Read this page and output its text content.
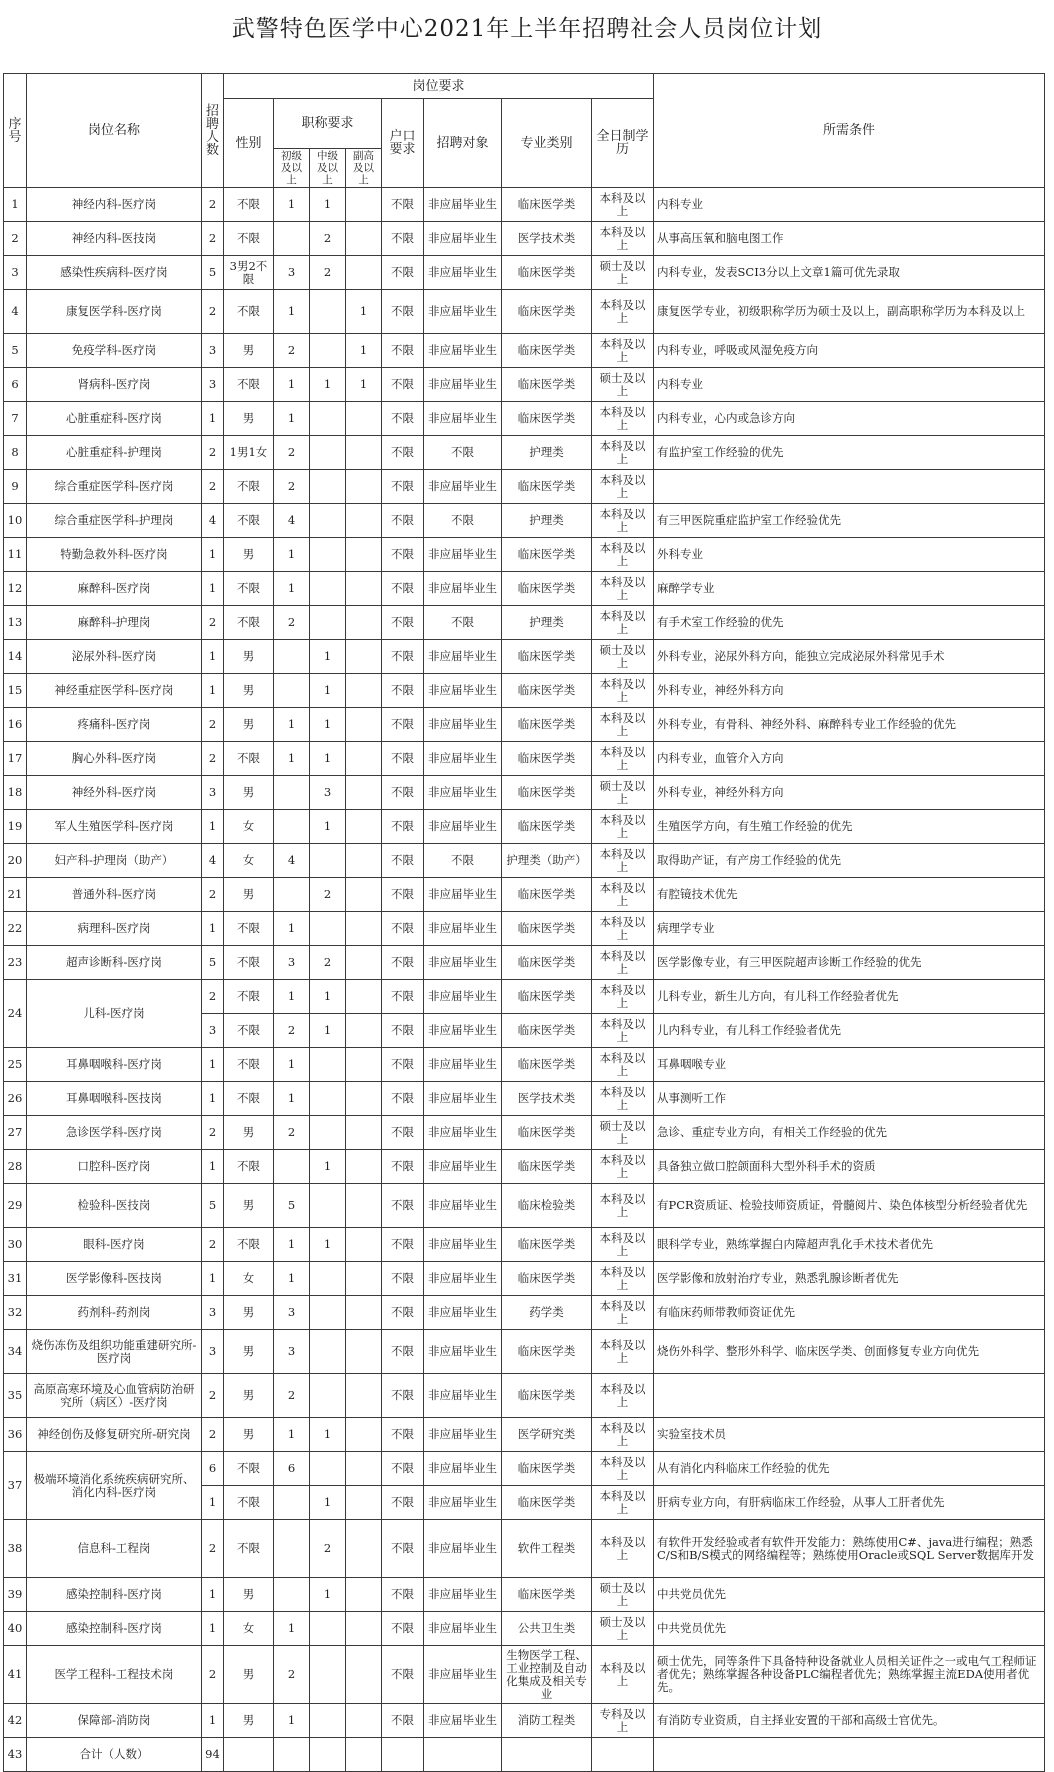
武警特色医学中心2021年上半年招聘社会人员岗位计划
序号	岗位名称	招聘人数	岗位要求								所需条件
			性别	职称要求			户口要求	招聘对象	专业类别	全日制学历	
				初级及以上	中级及以上	副高及以上					
1	神经内科-医疗岗	2	不限	1	1		不限	非应届毕业生	临床医学类	本科及以上	内科专业
2	神经内科-医技岗	2	不限		2		不限	非应届毕业生	医学技术类	本科及以上	从事高压氧和脑电图工作
3	感染性疾病科-医疗岗	5	3男2不限	3	2		不限	非应届毕业生	临床医学类	硕士及以上	内科专业，发表SCI3分以上文章1篇可优先录取
4	康复医学科-医疗岗	2	不限	1		1	不限	非应届毕业生	临床医学类	本科及以上	康复医学专业，初级职称学历为硕士及以上，副高职称学历为本科及以上
5	免疫学科-医疗岗	3	男	2		1	不限	非应届毕业生	临床医学类	本科及以上	内科专业，呼吸或风湿免疫方向
6	肾病科-医疗岗	3	不限	1	1	1	不限	非应届毕业生	临床医学类	硕士及以上	内科专业
7	心脏重症科-医疗岗	1	男	1			不限	非应届毕业生	临床医学类	本科及以上	内科专业，心内或急诊方向
8	心脏重症科-护理岗	2	1男1女	2			不限	不限	护理类	本科及以上	有监护室工作经验的优先
9	综合重症医学科-医疗岗	2	不限	2			不限	非应届毕业生	临床医学类	本科及以上	
10	综合重症医学科-护理岗	4	不限	4			不限	不限	护理类	本科及以上	有三甲医院重症监护室工作经验优先
11	特勤急救外科-医疗岗	1	男	1			不限	非应届毕业生	临床医学类	本科及以上	外科专业
12	麻醉科-医疗岗	1	不限	1			不限	非应届毕业生	临床医学类	本科及以上	麻醉学专业
13	麻醉科-护理岗	2	不限	2			不限	不限	护理类	本科及以上	有手术室工作经验的优先
14	泌尿外科-医疗岗	1	男		1		不限	非应届毕业生	临床医学类	硕士及以上	外科专业，泌尿外科方向，能独立完成泌尿外科常见手术
15	神经重症医学科-医疗岗	1	男		1		不限	非应届毕业生	临床医学类	本科及以上	外科专业，神经外科方向
16	疼痛科-医疗岗	2	男	1	1		不限	非应届毕业生	临床医学类	本科及以上	外科专业，有骨科、神经外科、麻醉科专业工作经验的优先
17	胸心外科-医疗岗	2	不限	1	1		不限	非应届毕业生	临床医学类	本科及以上	内科专业，血管介入方向
18	神经外科-医疗岗	3	男		3		不限	非应届毕业生	临床医学类	硕士及以上	外科专业，神经外科方向
19	军人生殖医学科-医疗岗	1	女		1		不限	非应届毕业生	临床医学类	本科及以上	生殖医学方向，有生殖工作经验的优先
20	妇产科-护理岗（助产）	4	女	4			不限	不限	护理类（助产）	本科及以上	取得助产证，有产房工作经验的优先
21	普通外科-医疗岗	2	男		2		不限	非应届毕业生	临床医学类	本科及以上	有腔镜技术优先
22	病理科-医疗岗	1	不限	1			不限	非应届毕业生	临床医学类	本科及以上	病理学专业
23	超声诊断科-医疗岗	5	不限	3	2		不限	非应届毕业生	临床医学类	本科及以上	医学影像专业，有三甲医院超声诊断工作经验的优先
24	儿科-医疗岗	2	不限	1	1		不限	非应届毕业生	临床医学类	本科及以上	儿科专业，新生儿方向，有儿科工作经验者优先
		3	不限	2	1		不限	非应届毕业生	临床医学类	本科及以上	儿内科专业，有儿科工作经验者优先
25	耳鼻咽喉科-医疗岗	1	不限	1			不限	非应届毕业生	临床医学类	本科及以上	耳鼻咽喉专业
26	耳鼻咽喉科-医技岗	1	不限	1			不限	非应届毕业生	医学技术类	本科及以上	从事测听工作
27	急诊医学科-医疗岗	2	男	2			不限	非应届毕业生	临床医学类	硕士及以上	急诊、重症专业方向，有相关工作经验的优先
28	口腔科-医疗岗	1	不限		1		不限	非应届毕业生	临床医学类	本科及以上	具备独立做口腔颌面科大型外科手术的资质
29	检验科-医技岗	5	男	5			不限	非应届毕业生	临床检验类	本科及以上	有PCR资质证、检验技师资质证，骨髓阅片、染色体核型分析经验者优先
30	眼科-医疗岗	2	不限	1	1		不限	非应届毕业生	临床医学类	本科及以上	眼科学专业，熟练掌握白内障超声乳化手术技术者优先
31	医学影像科-医技岗	1	女	1			不限	非应届毕业生	临床医学类	本科及以上	医学影像和放射治疗专业，熟悉乳腺诊断者优先
32	药剂科-药剂岗	3	男	3			不限	非应届毕业生	药学类	本科及以上	有临床药师带教师资证优先
34	烧伤冻伤及组织功能重建研究所-医疗岗	3	男	3			不限	非应届毕业生	临床医学类	本科及以上	烧伤外科学、整形外科学、临床医学类、创面修复专业方向优先
35	高原高寒环境及心血管病防治研究所（病区）-医疗岗	2	男	2			不限	非应届毕业生	临床医学类	本科及以上	
36	神经创伤及修复研究所-研究岗	2	男	1	1		不限	非应届毕业生	医学研究类	本科及以上	实验室技术员
37	极端环境消化系统疾病研究所、消化内科-医疗岗	6	不限	6			不限	非应届毕业生	临床医学类	本科及以上	从有消化内科临床工作经验的优先
		1	不限		1		不限	非应届毕业生	临床医学类	本科及以上	肝病专业方向，有肝病临床工作经验，从事人工肝者优先
38	信息科-工程岗	2	不限		2		不限	非应届毕业生	软件工程类	本科及以上	有软件开发经验或者有软件开发能力：熟练使用C#、java进行编程；熟悉C/S和B/S模式的网络编程等；熟练使用Oracle或SQL Server数据库开发
39	感染控制科-医疗岗	1	男		1		不限	非应届毕业生	临床医学类	硕士及以上	中共党员优先
40	感染控制科-医疗岗	1	女	1			不限	非应届毕业生	公共卫生类	硕士及以上	中共党员优先
41	医学工程科-工程技术岗	2	男	2			不限	非应届毕业生	生物医学工程、工业控制及自动化集成及相关专业	本科及以上	硕士优先，同等条件下具备特种设备就业人员相关证件之一或电气工程师证者优先；熟练掌握各种设备PLC编程者优先；熟练掌握主流EDA使用者优先。
42	保障部-消防岗	1	男	1			不限	非应届毕业生	消防工程类	专科及以上	有消防专业资质，自主择业安置的干部和高级士官优先。
43	合计（人数）	94									
